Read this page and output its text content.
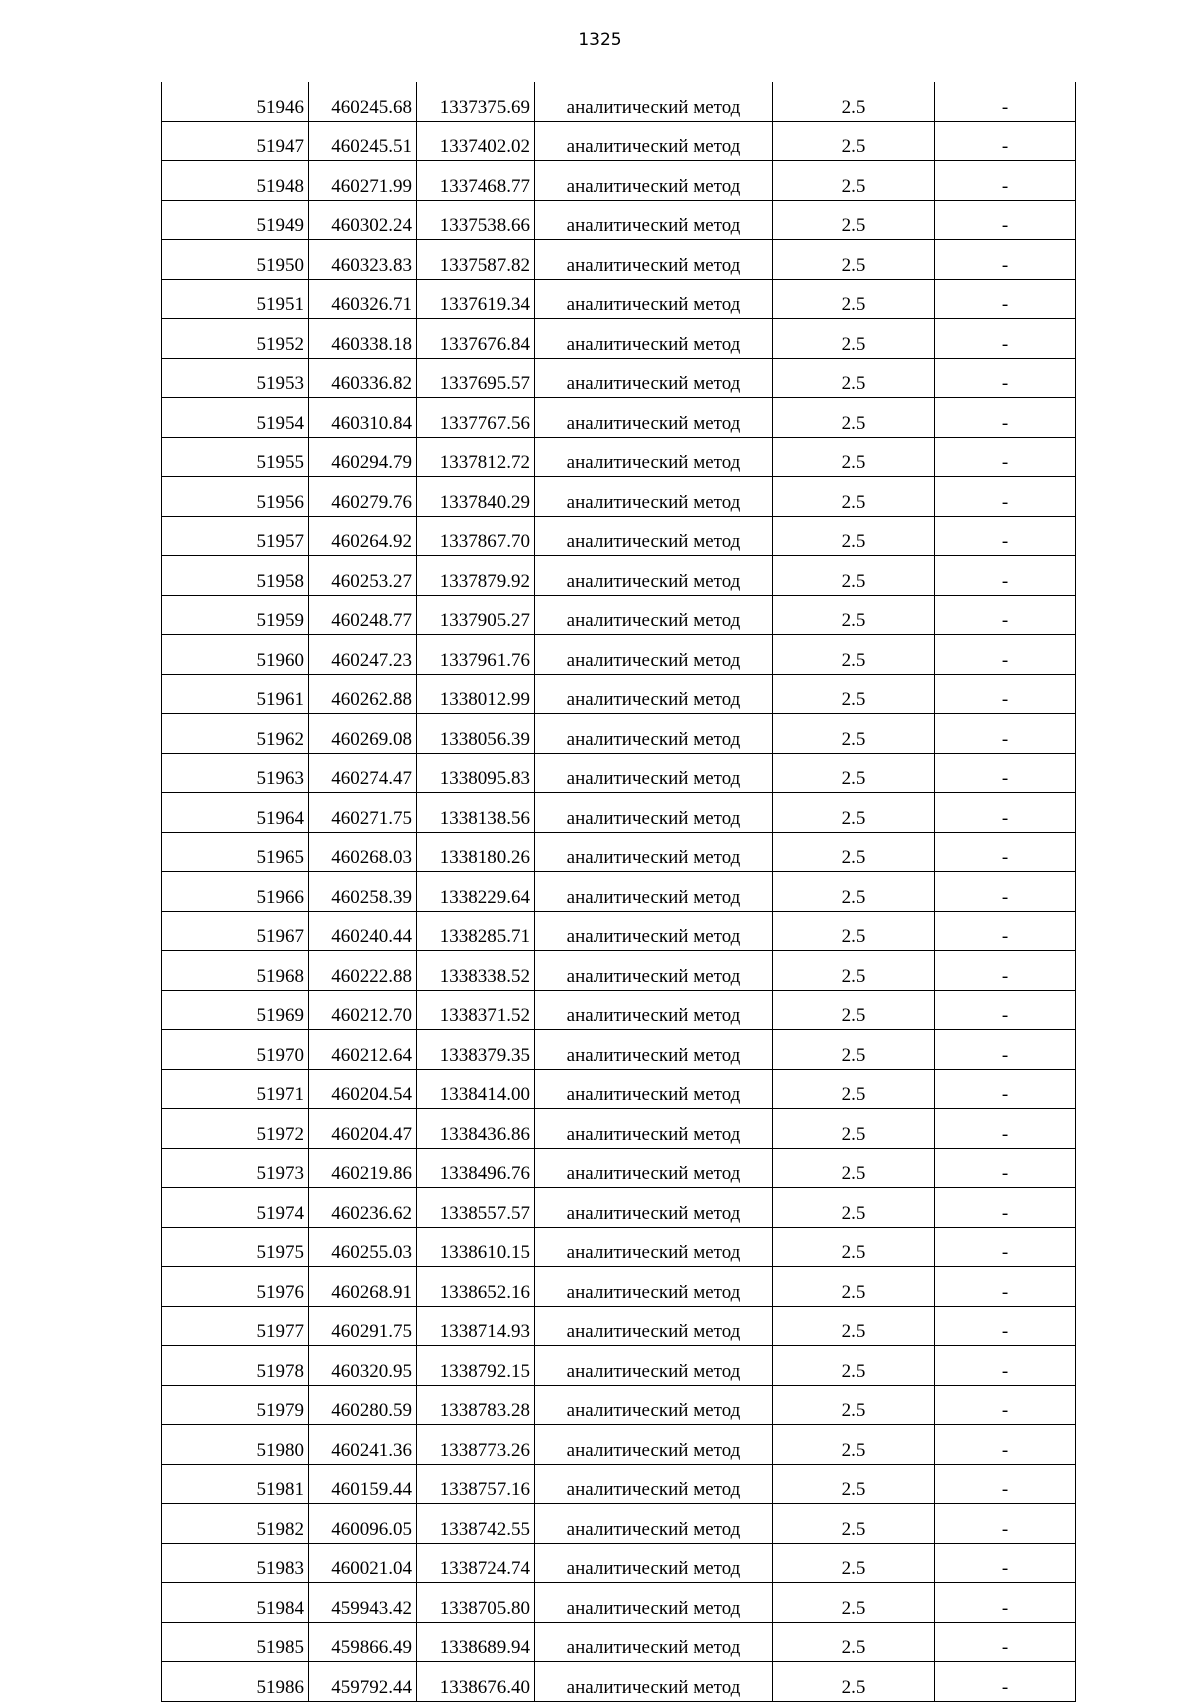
1325
51946	460245.68	1337375.69	аналитический метод	2.5	-
51947	460245.51	1337402.02	аналитический метод	2.5	-
51948	460271.99	1337468.77	аналитический метод	2.5	-
51949	460302.24	1337538.66	аналитический метод	2.5	-
51950	460323.83	1337587.82	аналитический метод	2.5	-
51951	460326.71	1337619.34	аналитический метод	2.5	-
51952	460338.18	1337676.84	аналитический метод	2.5	-
51953	460336.82	1337695.57	аналитический метод	2.5	-
51954	460310.84	1337767.56	аналитический метод	2.5	-
51955	460294.79	1337812.72	аналитический метод	2.5	-
51956	460279.76	1337840.29	аналитический метод	2.5	-
51957	460264.92	1337867.70	аналитический метод	2.5	-
51958	460253.27	1337879.92	аналитический метод	2.5	-
51959	460248.77	1337905.27	аналитический метод	2.5	-
51960	460247.23	1337961.76	аналитический метод	2.5	-
51961	460262.88	1338012.99	аналитический метод	2.5	-
51962	460269.08	1338056.39	аналитический метод	2.5	-
51963	460274.47	1338095.83	аналитический метод	2.5	-
51964	460271.75	1338138.56	аналитический метод	2.5	-
51965	460268.03	1338180.26	аналитический метод	2.5	-
51966	460258.39	1338229.64	аналитический метод	2.5	-
51967	460240.44	1338285.71	аналитический метод	2.5	-
51968	460222.88	1338338.52	аналитический метод	2.5	-
51969	460212.70	1338371.52	аналитический метод	2.5	-
51970	460212.64	1338379.35	аналитический метод	2.5	-
51971	460204.54	1338414.00	аналитический метод	2.5	-
51972	460204.47	1338436.86	аналитический метод	2.5	-
51973	460219.86	1338496.76	аналитический метод	2.5	-
51974	460236.62	1338557.57	аналитический метод	2.5	-
51975	460255.03	1338610.15	аналитический метод	2.5	-
51976	460268.91	1338652.16	аналитический метод	2.5	-
51977	460291.75	1338714.93	аналитический метод	2.5	-
51978	460320.95	1338792.15	аналитический метод	2.5	-
51979	460280.59	1338783.28	аналитический метод	2.5	-
51980	460241.36	1338773.26	аналитический метод	2.5	-
51981	460159.44	1338757.16	аналитический метод	2.5	-
51982	460096.05	1338742.55	аналитический метод	2.5	-
51983	460021.04	1338724.74	аналитический метод	2.5	-
51984	459943.42	1338705.80	аналитический метод	2.5	-
51985	459866.49	1338689.94	аналитический метод	2.5	-
51986	459792.44	1338676.40	аналитический метод	2.5	-
